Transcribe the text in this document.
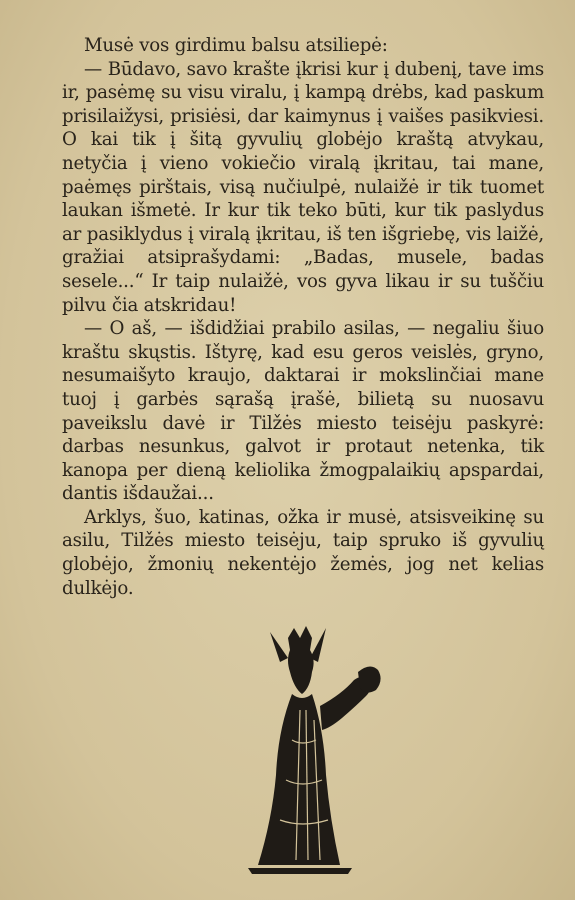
Musė vos girdimu balsu atsiliepė:

— Būdavo, savo krašte įkrisi kur į dubenį, tave ims ir, pasėmę su visu viralu, į kampą drėbs, kad paskum prisilaižysi, prisiėsi, dar kaimynus į vaišes pasikviesi. O kai tik į šitą gyvulių globėjo kraštą atvykau, netyčia į vieno vokiečio viralą įkritau, tai mane, paėmęs pirštais, visą nučiulpė, nulaižė ir tik tuomet laukan išmetė. Ir kur tik teko būti, kur tik paslydus ar pasiklydus į viralą įkritau, iš ten išgriebę, vis laižė, gražiai atsiprašydami: „Badas, musele, badas sesele...“ Ir taip nulaižė, vos gyva likau ir su tuščiu pilvu čia atskridau!

— O aš, — išdidžiai prabilo asilas, — negaliu šiuo kraštu skųstis. Ištyrę, kad esu geros veislės, gryno, nesumaišyto kraujo, daktarai ir mokslinčiai mane tuoj į garbės sąrašą įrašė, bilietą su nuosavu paveikslu davė ir Tilžės miesto teisėju paskyrė: darbas nesunkus, galvot ir protaut netenka, tik kanopa per dieną keliolika žmogpalaikių apspardai, dantis išdaužai...

Arklys, šuo, katinas, ožka ir musė, atsisveikinę su asilu, Tilžės miesto teisėju, taip spruko iš gyvulių globėjo, žmonių nekentėjo žemės, jog net kelias dulkėjo.
